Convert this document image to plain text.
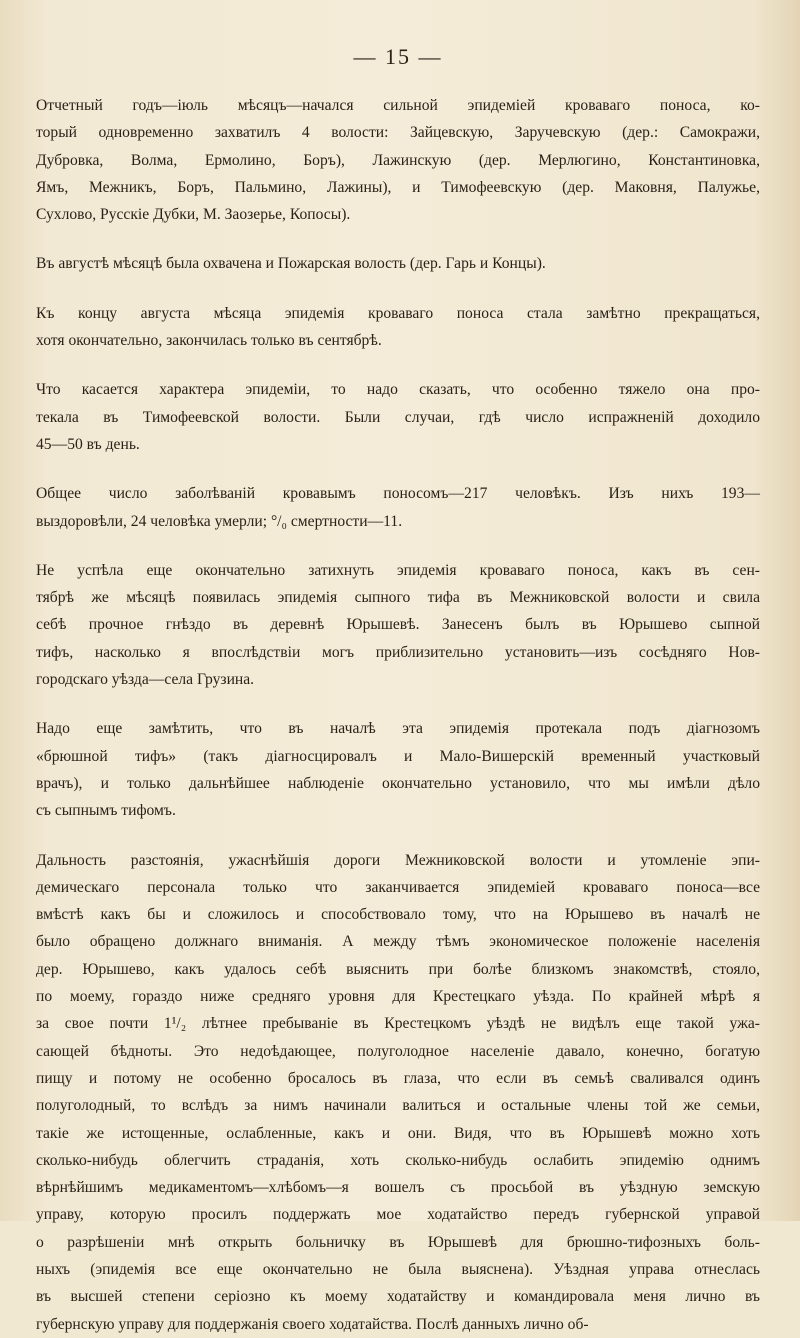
— 15 —
Отчетный годъ—іюль мѣсяцъ—началcя сильной эпидеміей кроваваго поноса, ко-
торый одновременно захватилъ 4 волости: Зайцевскую, Заручевскую (дер.: Самокражи,
Дубровка, Волма, Ермолино, Боръ), Лажинскую (дер. Мерлюгино, Константиновка,
Ямъ, Межникъ, Боръ, Пальмино, Лажины), и Тимофеевскую (дер. Маковня, Палужье,
Сухлово, Русскіе Дубки, М. Заозерье, Копосы).
Въ августѣ мѣсяцѣ была охвачена и Пожарская волость (дер. Гарь и Концы).
Къ концу августа мѣсяца эпидемія кроваваго поноса стала замѣтно прекращаться,
хотя окончательно, закончилась только въ сентябрѣ.
Что касается характера эпидеміи, то надо сказать, что особенно тяжело она про-
текала въ Тимофеевской волости. Были случаи, гдѣ число испражненій доходило
45—50 въ день.
Общее число заболѣваній кровавымъ поносомъ—217 человѣкъ. Изъ нихъ 193—
выздоровѣли, 24 человѣка умерли; °/₀ смертности—11.
Не успѣла еще окончательно затихнуть эпидемія кроваваго поноса, какъ въ сен-
тябрѣ же мѣсяцѣ появилась эпидемія сыпного тифа въ Межниковской волости и свила
себѣ прочное гнѣздо въ деревнѣ Юрышевѣ. Занесенъ былъ въ Юрышево сыпной
тифъ, насколько я впослѣдствіи могъ приблизительно установить—изъ сосѣдняго Нов-
городскаго уѣзда—села Грузина.
Надо еще замѣтить, что въ началѣ эта эпидемія протекала подъ діагнозомъ
«брюшной тифъ» (такъ діагносцировалъ и Мало-Вишерскій временный участковый
врачъ), и только дальнѣйшее наблюденіе окончательно установило, что мы имѣли дѣло
съ сыпнымъ тифомъ.
Дальность разстоянія, ужаснѣйшія дороги Межниковской волости и утомленіе эпи-
демическаго персонала только что заканчивается эпидеміей кроваваго поноса—все
вмѣстѣ какъ бы и сложилось и способствовало тому, что на Юрышево въ началѣ не
было обращено должнаго вниманія. А между тѣмъ экономическое положеніе населенія
дер. Юрышево, какъ удалось себѣ выяснить при болѣе близкомъ знакомствѣ, стояло,
по моему, гораздо ниже средняго уровня для Крестецкаго уѣзда. По крайней мѣрѣ я
за свое почти 1¹/₂ лѣтнее пребываніе въ Крестецкомъ уѣздѣ не видѣлъ еще такой ужа-
сающей бѣдноты. Это недоѣдающее, полуголодное населеніе давало, конечно, богатую
пищу и потому не особенно бросалось въ глаза, что если въ семьѣ сваливался одинъ
полуголодный, то вслѣдъ за нимъ начинали валиться и остальные члены той же семьи,
такіе же истощенные, ослабленные, какъ и они. Видя, что въ Юрышевѣ можно хоть
сколько-нибудь облегчить страданія, хоть сколько-нибудь ослабить эпидемію однимъ
вѣрнѣйшимъ медикаментомъ—хлѣбомъ—я вошелъ съ просьбой въ уѣздную земскую
управу, которую просилъ поддержать мое ходатайство передъ губернской управой
о разрѣшеніи мнѣ открыть больничку въ Юрышевѣ для брюшно-тифозныхъ боль-
ныхъ (эпидемія все еще окончательно не была выяснена). Уѣздная управа отнеслась
въ высшей степени серіозно къ моему ходатайству и командировала меня лично въ
губернскую управу для поддержанія своего ходатайства. Послѣ данныхъ лично об-
